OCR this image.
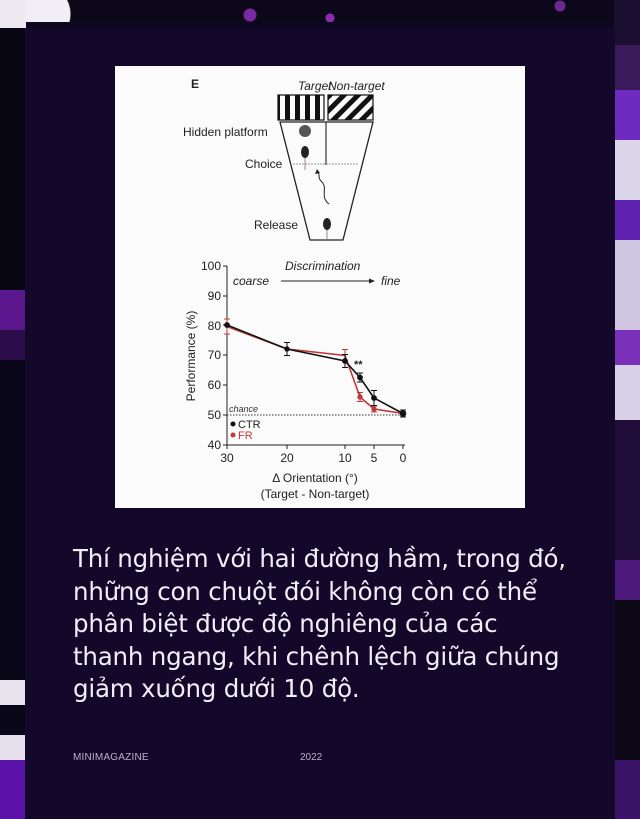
E	Target
Non-target
Hidden platform
Choice
Release
Discrimination
coarse	fine
100
90
80
70
60
50
40
Performance (%)
30	20	10 5 0
Δ Orientation (°)
(Target - Non-target)
chance
**
CTR
FR

Thí nghiệm với hai đường hầm, trong đó, những con chuột đói không còn có thể phân biệt được độ nghiêng của các thanh ngang, khi chênh lệch giữa chúng giảm xuống dưới 10 độ.

MINIMAGAZINE	2022
